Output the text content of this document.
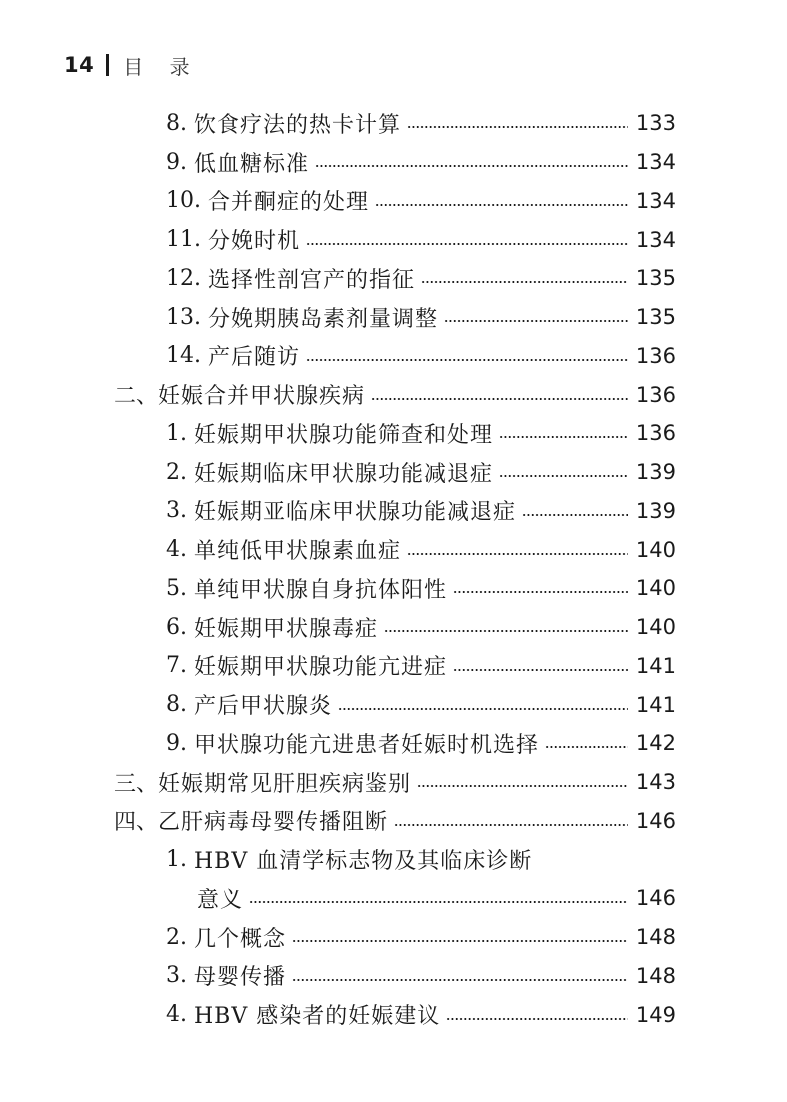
14 目 录
8. 饮食疗法的热卡计算	133
9. 低血糖标准	134
10. 合并酮症的处理	134
11. 分娩时机	134
12. 选择性剖宫产的指征	135
13. 分娩期胰岛素剂量调整	135
14. 产后随访	136
二、 妊娠合并甲状腺疾病	136
1. 妊娠期甲状腺功能筛查和处理	136
2. 妊娠期临床甲状腺功能减退症	139
3. 妊娠期亚临床甲状腺功能减退症	139
4. 单纯低甲状腺素血症	140
5. 单纯甲状腺自身抗体阳性	140
6. 妊娠期甲状腺毒症	140
7. 妊娠期甲状腺功能亢进症	141
8. 产后甲状腺炎	141
9. 甲状腺功能亢进患者妊娠时机选择	142
三、 妊娠期常见肝胆疾病鉴别	143
四、 乙肝病毒母婴传播阻断	146
1. HBV 血清学标志物及其临床诊断
意义	146
2. 几个概念	148
3. 母婴传播	148
4. HBV 感染者的妊娠建议	149
